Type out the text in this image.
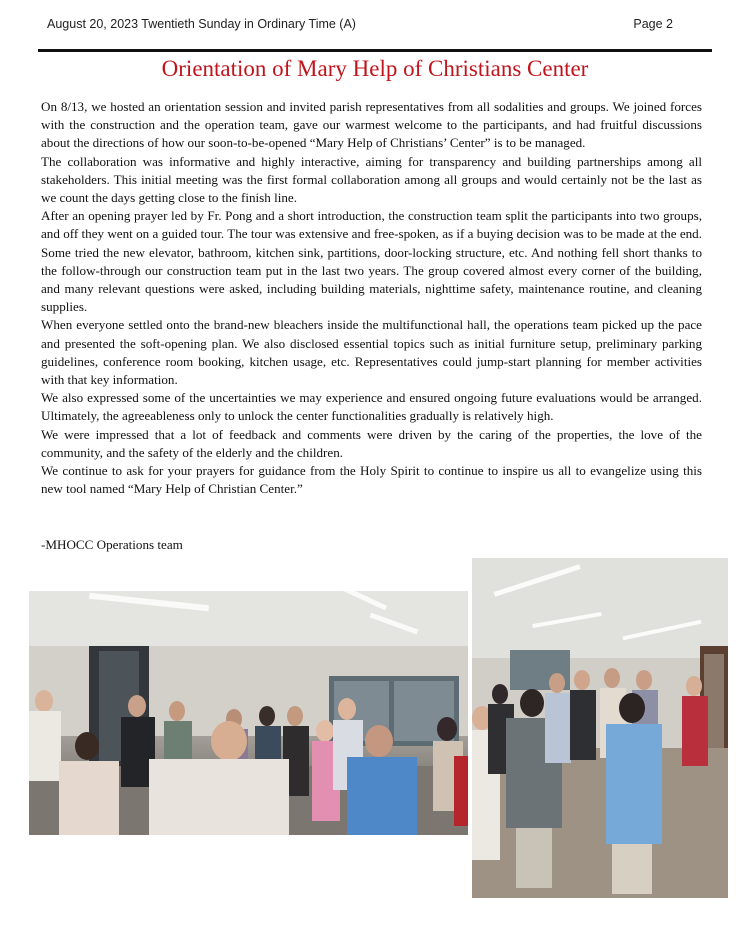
August 20, 2023 Twentieth Sunday in Ordinary Time (A)	Page 2
Orientation of Mary Help of Christians Center

On 8/13, we hosted an orientation session and invited parish representatives from all sodalities and groups. We joined forces with the construction and the operation team, gave our warmest welcome to the participants, and had fruitful discussions about the directions of how our soon-to-be-opened “Mary Help of Christians’ Center” is to be managed.

The collaboration was informative and highly interactive, aiming for transparency and building partnerships among all stakeholders. This initial meeting was the first formal collaboration among all groups and would certainly not be the last as we count the days getting close to the finish line.

After an opening prayer led by Fr. Pong and a short introduction, the construction team split the participants into two groups, and off they went on a guided tour. The tour was extensive and free-spoken, as if a buying decision was to be made at the end. Some tried the new elevator, bathroom, kitchen sink, partitions, door-locking structure, etc. And nothing fell short thanks to the follow-through our construction team put in the last two years. The group covered almost every corner of the building, and many relevant questions were asked, including building materials, nighttime safety, maintenance routine, and cleaning supplies.

When everyone settled onto the brand-new bleachers inside the multifunctional hall, the operations team picked up the pace and presented the soft-opening plan. We also disclosed essential topics such as initial furniture setup, preliminary parking guidelines, conference room booking, kitchen usage, etc. Representatives could jump-start planning for member activities with that key information.

We also expressed some of the uncertainties we may experience and ensured ongoing future evaluations would be arranged. Ultimately, the agreeableness only to unlock the center functionalities gradually is relatively high.

We were impressed that a lot of feedback and comments were driven by the caring of the properties, the love of the community, and the safety of the elderly and the children.

We continue to ask for your prayers for guidance from the Holy Spirit to continue to inspire us all to evangelize using this new tool named “Mary Help of Christian Center.”

-MHOCC Operations team
